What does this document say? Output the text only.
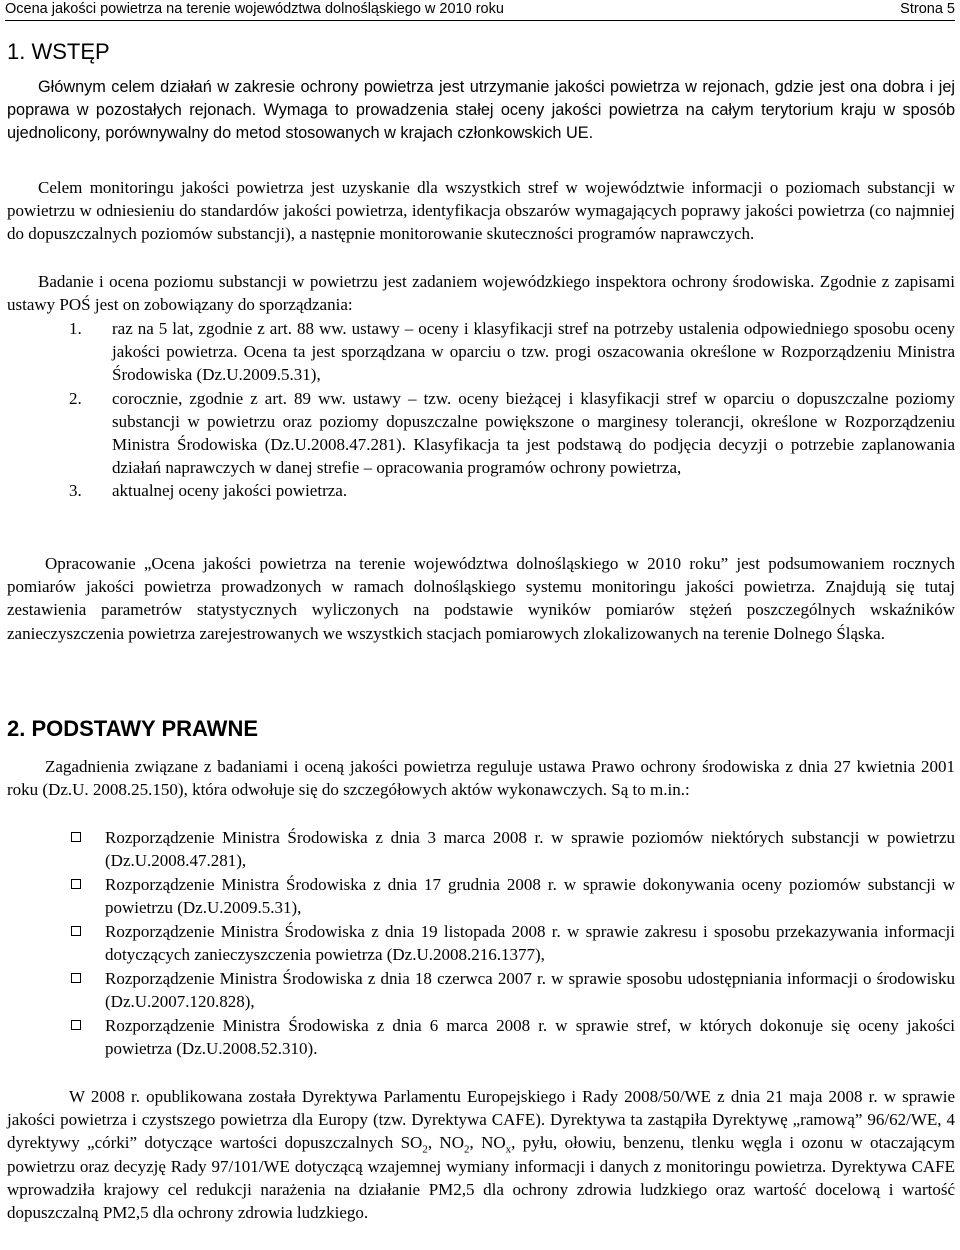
Ocena jakości powietrza na terenie województwa dolnośląskiego w 2010 roku	Strona 5
1. WSTĘP

Głównym celem działań w zakresie ochrony powietrza jest utrzymanie jakości powietrza w rejonach, gdzie jest ona dobra i jej poprawa w pozostałych rejonach. Wymaga to prowadzenia stałej oceny jakości powietrza na całym terytorium kraju w sposób ujednolicony, porównywalny do metod stosowanych w krajach członkowskich UE.

Celem monitoringu jakości powietrza jest uzyskanie dla wszystkich stref w województwie informacji o poziomach substancji w powietrzu w odniesieniu do standardów jakości powietrza, identyfikacja obszarów wymagających poprawy jakości powietrza (co najmniej do dopuszczalnych poziomów substancji), a następnie monitorowanie skuteczności programów naprawczych.

Badanie i ocena poziomu substancji w powietrzu jest zadaniem wojewódzkiego inspektora ochrony środowiska. Zgodnie z zapisami ustawy POŚ jest on zobowiązany do sporządzania:

1. raz na 5 lat, zgodnie z art. 88 ww. ustawy – oceny i klasyfikacji stref na potrzeby ustalenia odpowiedniego sposobu oceny jakości powietrza. Ocena ta jest sporządzana w oparciu o tzw. progi oszacowania określone w Rozporządzeniu Ministra Środowiska (Dz.U.2009.5.31),
2. corocznie, zgodnie z art. 89 ww. ustawy – tzw. oceny bieżącej i klasyfikacji stref w oparciu o dopuszczalne poziomy substancji w powietrzu oraz poziomy dopuszczalne powiększone o marginesy tolerancji, określone w Rozporządzeniu Ministra Środowiska (Dz.U.2008.47.281). Klasyfikacja ta jest podstawą do podjęcia decyzji o potrzebie zaplanowania działań naprawczych w danej strefie – opracowania programów ochrony powietrza,
3. aktualnej oceny jakości powietrza.

Opracowanie „Ocena jakości powietrza na terenie województwa dolnośląskiego w 2010 roku” jest podsumowaniem rocznych pomiarów jakości powietrza prowadzonych w ramach dolnośląskiego systemu monitoringu jakości powietrza. Znajdują się tutaj zestawienia parametrów statystycznych wyliczonych na podstawie wyników pomiarów stężeń poszczególnych wskaźników zanieczyszczenia powietrza zarejestrowanych we wszystkich stacjach pomiarowych zlokalizowanych na terenie Dolnego Śląska.

2. PODSTAWY PRAWNE

Zagadnienia związane z badaniami i oceną jakości powietrza reguluje ustawa Prawo ochrony środowiska z dnia 27 kwietnia 2001 roku (Dz.U. 2008.25.150), która odwołuje się do szczegółowych aktów wykonawczych. Są to m.in.:

Rozporządzenie Ministra Środowiska z dnia 3 marca 2008 r. w sprawie poziomów niektórych substancji w powietrzu (Dz.U.2008.47.281),
Rozporządzenie Ministra Środowiska z dnia 17 grudnia 2008 r. w sprawie dokonywania oceny poziomów substancji w powietrzu (Dz.U.2009.5.31),
Rozporządzenie Ministra Środowiska z dnia 19 listopada 2008 r. w sprawie zakresu i sposobu przekazywania informacji dotyczących zanieczyszczenia powietrza (Dz.U.2008.216.1377),
Rozporządzenie Ministra Środowiska z dnia 18 czerwca 2007 r. w sprawie sposobu udostępniania informacji o środowisku (Dz.U.2007.120.828),
Rozporządzenie Ministra Środowiska z dnia 6 marca 2008 r. w sprawie stref, w których dokonuje się oceny jakości powietrza (Dz.U.2008.52.310).

W 2008 r. opublikowana została Dyrektywa Parlamentu Europejskiego i Rady 2008/50/WE z dnia 21 maja 2008 r. w sprawie jakości powietrza i czystszego powietrza dla Europy (tzw. Dyrektywa CAFE). Dyrektywa ta zastąpiła Dyrektywę „ramową” 96/62/WE, 4 dyrektywy „córki” dotyczące wartości dopuszczalnych $SO_2$, $NO_2$, $NO_x$, pyłu, ołowiu, benzenu, tlenku węgla i ozonu w otaczającym powietrzu oraz decyzję Rady 97/101/WE dotyczącą wzajemnej wymiany informacji i danych z monitoringu powietrza. Dyrektywa CAFE wprowadziła krajowy cel redukcji narażenia na działanie PM2,5 dla ochrony zdrowia ludzkiego oraz wartość docelową i wartość dopuszczalną PM2,5 dla ochrony zdrowia ludzkiego.
